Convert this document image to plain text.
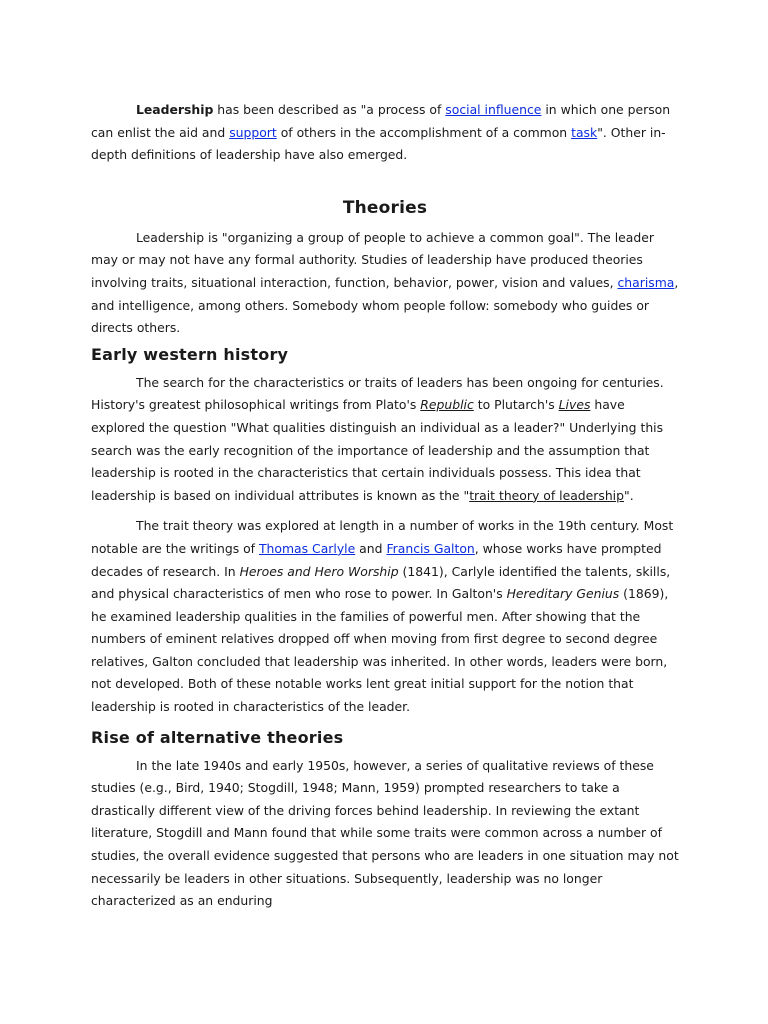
Leadership has been described as "a process of social influence in which one person can enlist the aid and support of others in the accomplishment of a common task". Other in-depth definitions of leadership have also emerged.

Theories

Leadership is "organizing a group of people to achieve a common goal". The leader may or may not have any formal authority. Studies of leadership have produced theories involving traits, situational interaction, function, behavior, power, vision and values, charisma, and intelligence, among others. Somebody whom people follow: somebody who guides or directs others.

Early western history

The search for the characteristics or traits of leaders has been ongoing for centuries. History's greatest philosophical writings from Plato's Republic to Plutarch's Lives have explored the question "What qualities distinguish an individual as a leader?" Underlying this search was the early recognition of the importance of leadership and the assumption that leadership is rooted in the characteristics that certain individuals possess. This idea that leadership is based on individual attributes is known as the "trait theory of leadership".

The trait theory was explored at length in a number of works in the 19th century. Most notable are the writings of Thomas Carlyle and Francis Galton, whose works have prompted decades of research. In Heroes and Hero Worship (1841), Carlyle identified the talents, skills, and physical characteristics of men who rose to power. In Galton's Hereditary Genius (1869), he examined leadership qualities in the families of powerful men. After showing that the numbers of eminent relatives dropped off when moving from first degree to second degree relatives, Galton concluded that leadership was inherited. In other words, leaders were born, not developed. Both of these notable works lent great initial support for the notion that leadership is rooted in characteristics of the leader.

Rise of alternative theories

In the late 1940s and early 1950s, however, a series of qualitative reviews of these studies (e.g., Bird, 1940; Stogdill, 1948; Mann, 1959) prompted researchers to take a drastically different view of the driving forces behind leadership. In reviewing the extant literature, Stogdill and Mann found that while some traits were common across a number of studies, the overall evidence suggested that persons who are leaders in one situation may not necessarily be leaders in other situations. Subsequently, leadership was no longer characterized as an enduring
